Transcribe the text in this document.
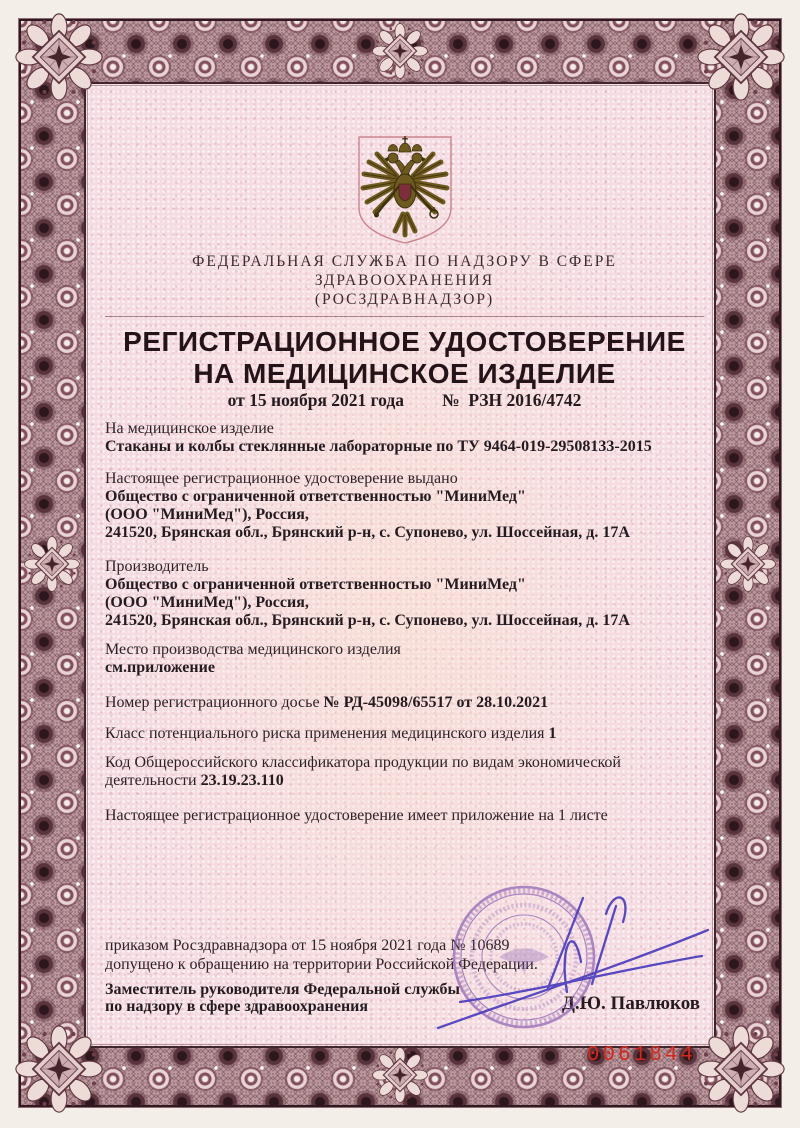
ФЕДЕРАЛЬНАЯ СЛУЖБА ПО НАДЗОРУ В СФЕРЕ ЗДРАВООХРАНЕНИЯ
(РОСЗДРАВНАДЗОР)
РЕГИСТРАЦИОННОЕ УДОСТОВЕРЕНИЕ
НА МЕДИЦИНСКОЕ ИЗДЕЛИЕ
от 15 ноября 2021 года № РЗН 2016/4742
На медицинское изделие
Стаканы и колбы стеклянные лабораторные по ТУ 9464-019-29508133-2015
Настоящее регистрационное удостоверение выдано
Общество с ограниченной ответственностью "МиниМед"
(ООО "МиниМед"), Россия,
241520, Брянская обл., Брянский р-н, с. Супонево, ул. Шоссейная, д. 17А
Производитель
Общество с ограниченной ответственностью "МиниМед"
(ООО "МиниМед"), Россия,
241520, Брянская обл., Брянский р-н, с. Супонево, ул. Шоссейная, д. 17А
Место производства медицинского изделия
см.приложение
Номер регистрационного досье № РД-45098/65517 от 28.10.2021
Класс потенциального риска применения медицинского изделия 1
Код Общероссийского классификатора продукции по видам экономической деятельности 23.19.23.110
Настоящее регистрационное удостоверение имеет приложение на 1 листе
приказом Росздравнадзора от 15 ноября 2021 года № 10689
допущено к обращению на территории Российской Федерации.
Заместитель руководителя Федеральной службы
по надзору в сфере здравоохранения	Д.Ю. Павлюков
0061844
